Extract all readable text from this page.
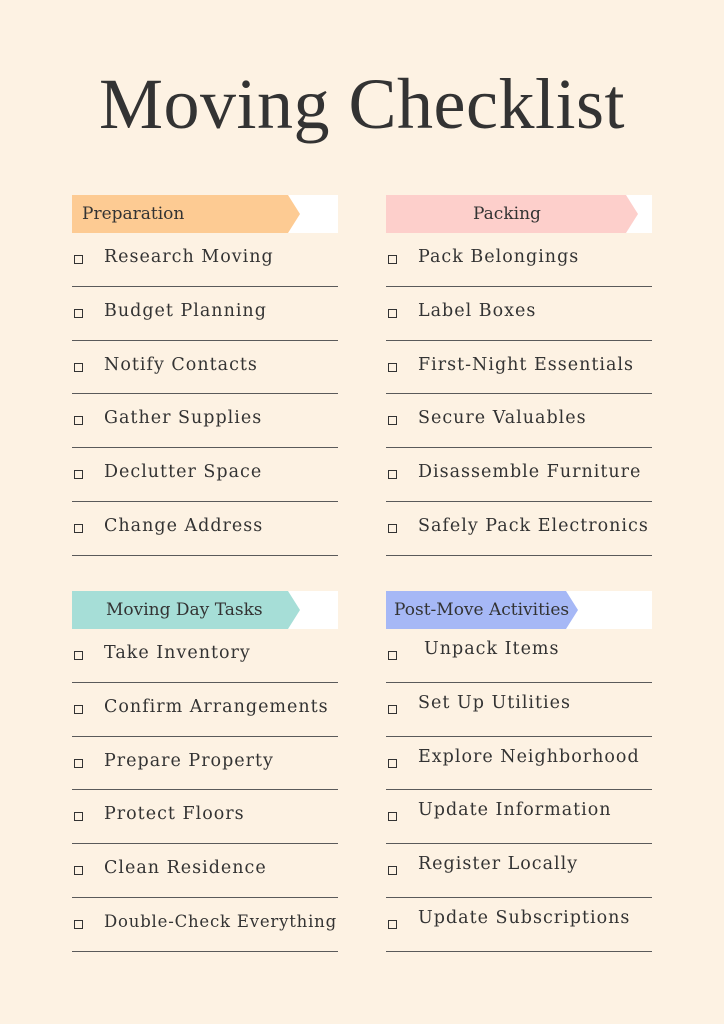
Moving Checklist
Preparation
Research Moving
Budget Planning
Notify Contacts
Gather Supplies
Declutter Space
Change Address
Packing
Pack Belongings
Label Boxes
First-Night Essentials
Secure Valuables
Disassemble Furniture
Safely Pack Electronics
Moving Day Tasks
Take Inventory
Confirm Arrangements
Prepare Property
Protect Floors
Clean Residence
Double-Check Everything
Post-Move Activities
Unpack Items
Set Up Utilities
Explore Neighborhood
Update Information
Register Locally
Update Subscriptions
